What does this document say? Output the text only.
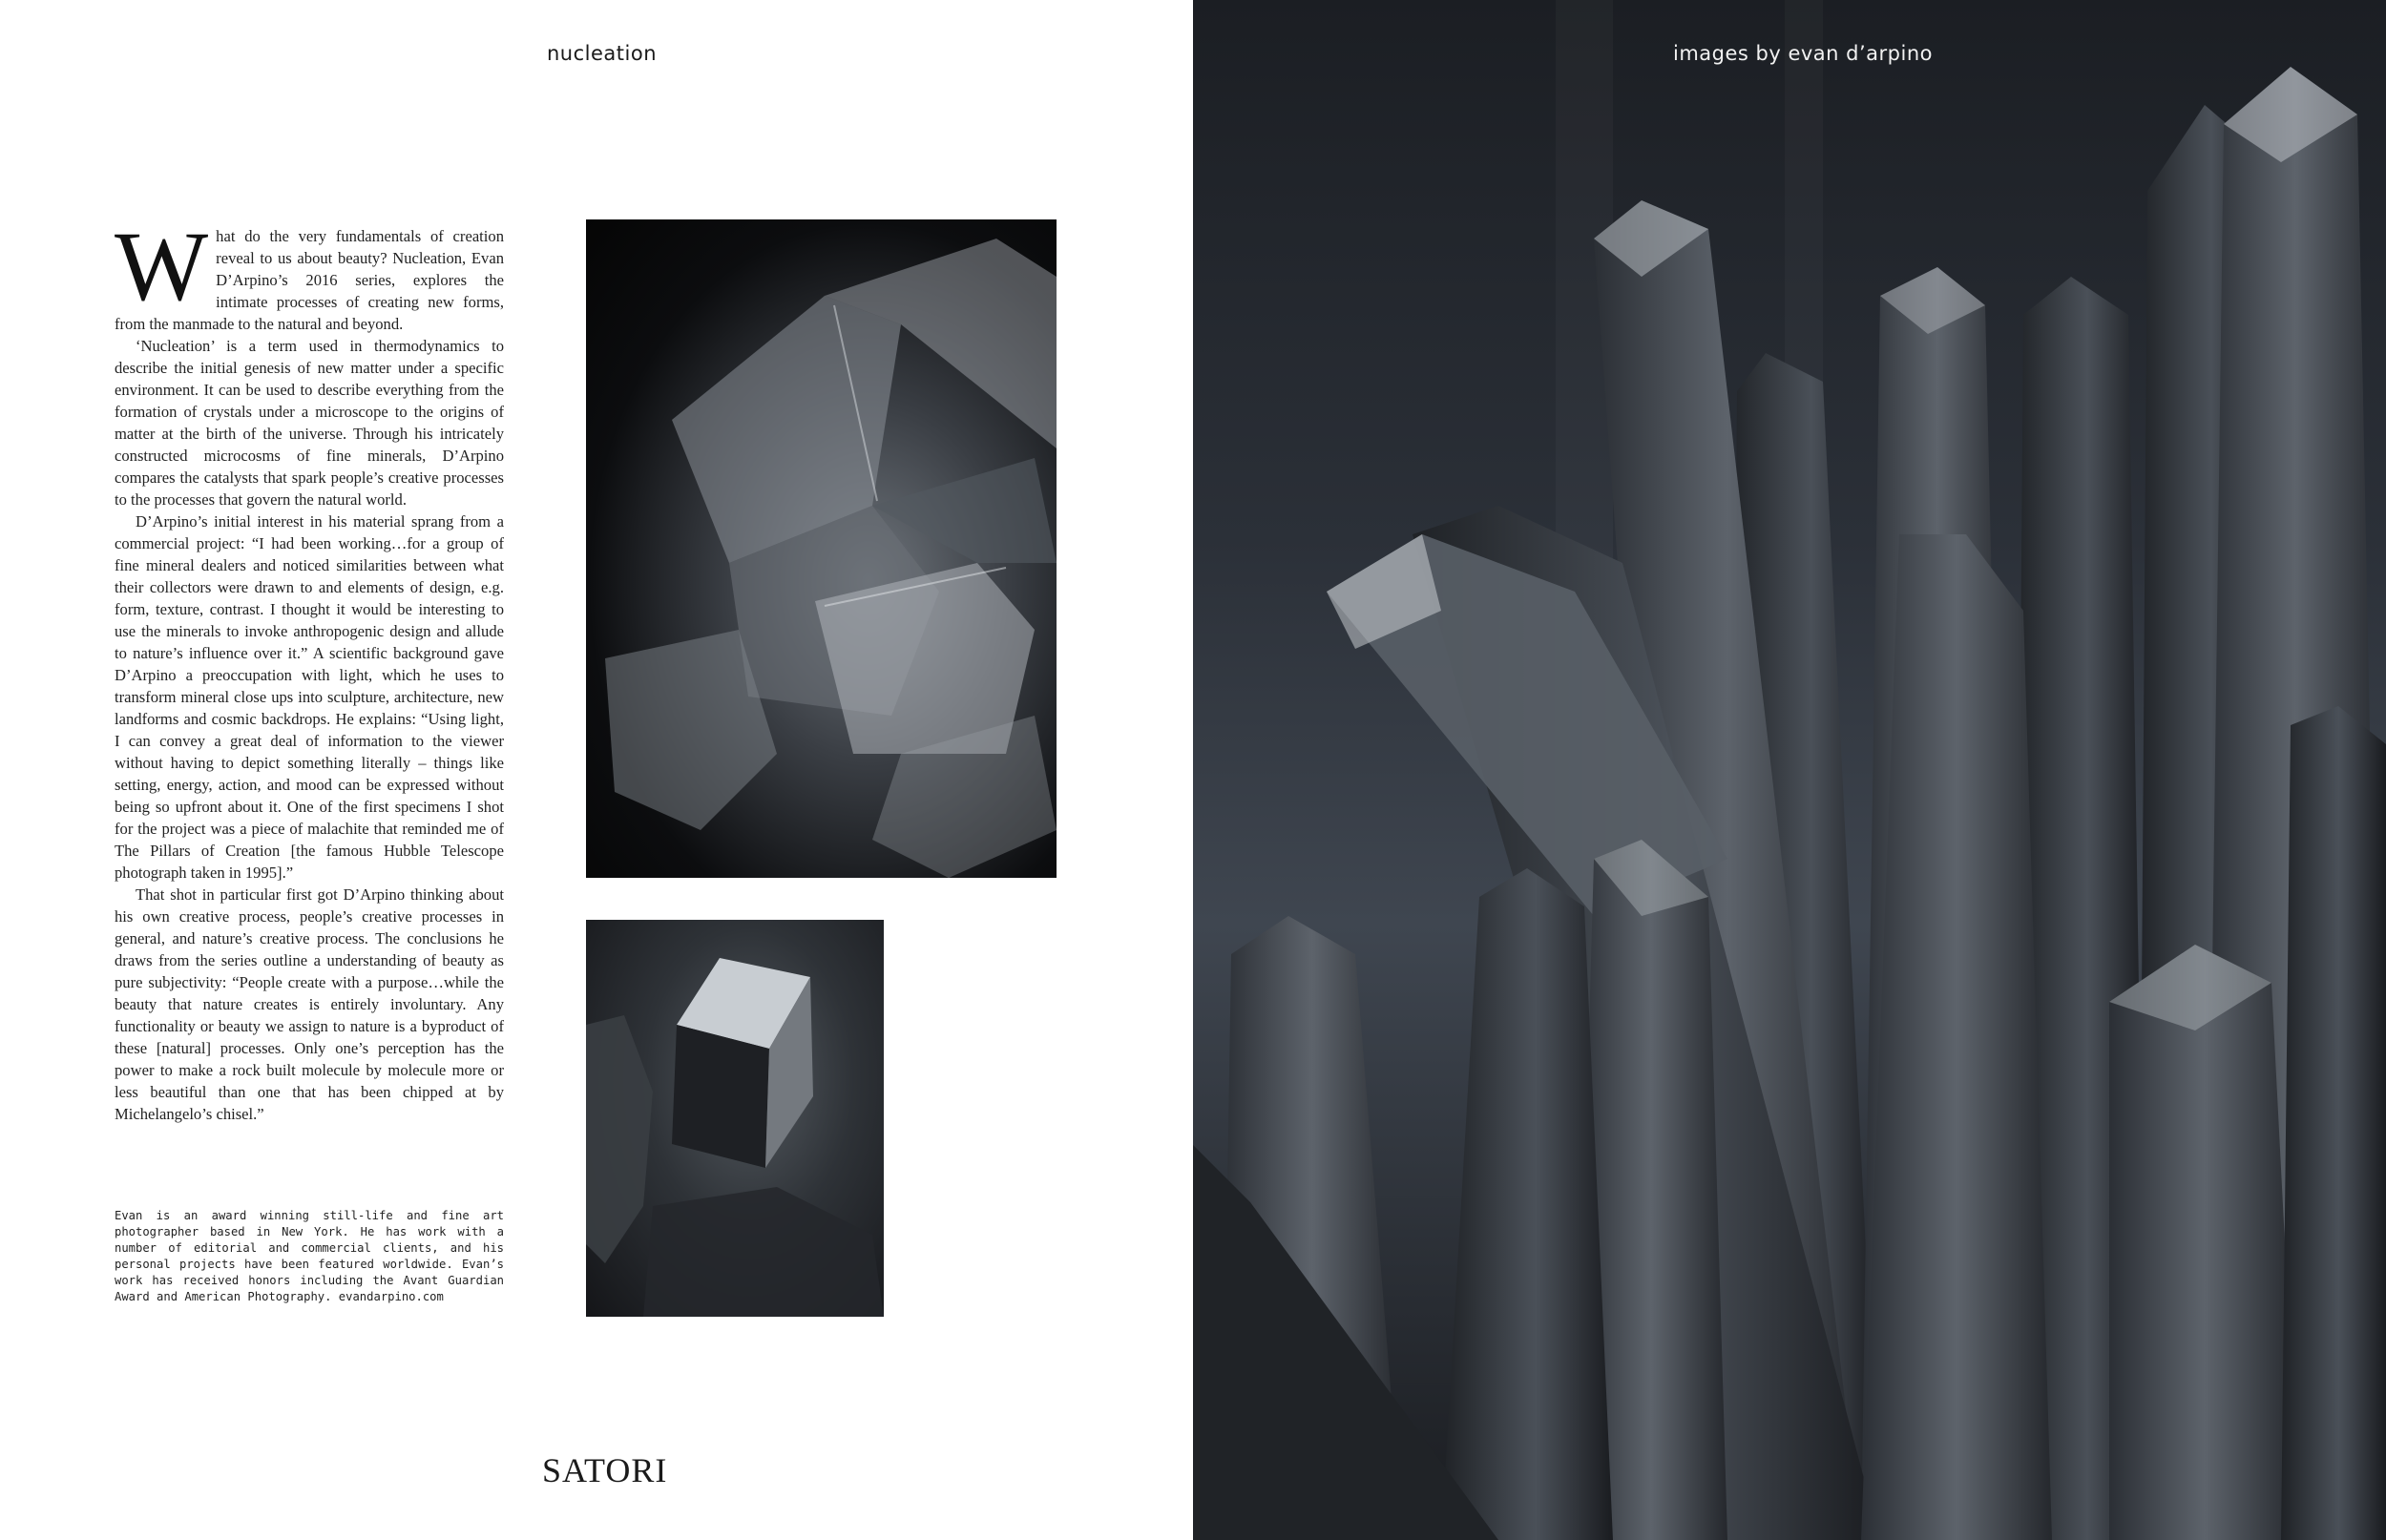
nucleation

What do the very fundamentals of creation reveal to us about beauty? Nucleation, Evan D’Arpino’s 2016 series, explores the intimate processes of creating new forms, from the manmade to the natural and beyond.

‘Nucleation’ is a term used in thermodynamics to describe the initial genesis of new matter under a specific environment. It can be used to describe everything from the formation of crystals under a microscope to the origins of matter at the birth of the universe. Through his intricately constructed microcosms of fine minerals, D’Arpino compares the catalysts that spark people’s creative processes to the processes that govern the natural world.

D’Arpino’s initial interest in his material sprang from a commercial project: “I had been working…for a group of fine mineral dealers and noticed similarities between what their collectors were drawn to and elements of design, e.g. form, texture, contrast. I thought it would be interesting to use the minerals to invoke anthropogenic design and allude to nature’s influence over it.” A scientific background gave D’Arpino a preoccupation with light, which he uses to transform mineral close ups into sculpture, architecture, new landforms and cosmic backdrops. He explains: “Using light, I can convey a great deal of information to the viewer without having to depict something literally – things like setting, energy, action, and mood can be expressed without being so upfront about it. One of the first specimens I shot for the project was a piece of malachite that reminded me of The Pillars of Creation [the famous Hubble Telescope photograph taken in 1995].”

That shot in particular first got D’Arpino thinking about his own creative process, people’s creative processes in general, and nature’s creative process. The conclusions he draws from the series outline a understanding of beauty as pure subjectivity: “People create with a purpose…while the beauty that nature creates is entirely involuntary. Any functionality or beauty we assign to nature is a byproduct of these [natural] processes. Only one’s perception has the power to make a rock built molecule by molecule more or less beautiful than one that has been chipped at by Michelangelo’s chisel.”

Evan is an award winning still-life and fine art photographer based in New York. He has work with a number of editorial and commercial clients, and his personal projects have been featured worldwide. Evan’s work has received honors including the Avant Guardian Award and American Photography. evandarpino.com
SATORI
images by evan d’arpino
